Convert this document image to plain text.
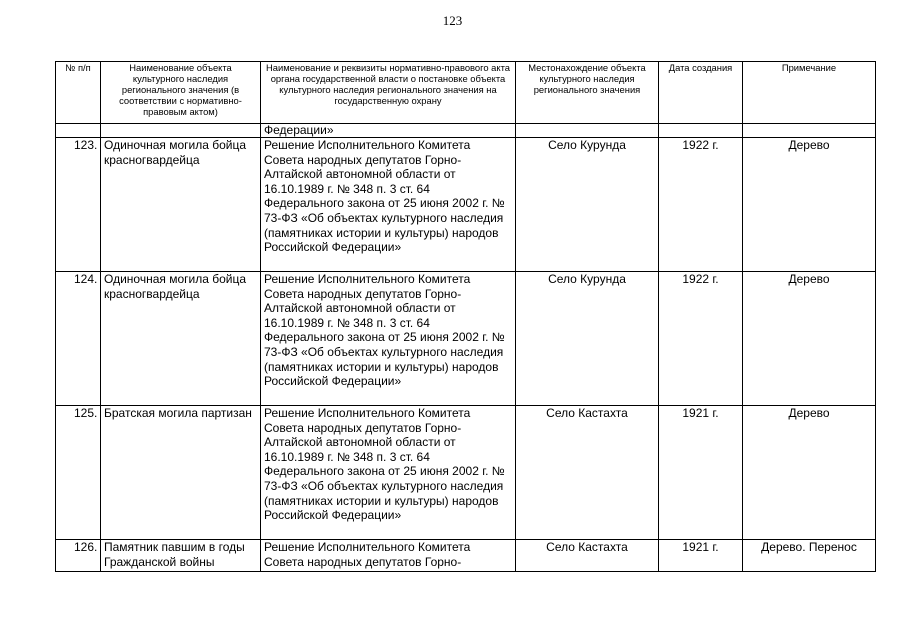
123
№ п/п	Наименование объекта культурного наследия регионального значения (в соответствии с нормативно-правовым актом)	Наименование и реквизиты нормативно-правового акта органа государственной власти о постановке объекта культурного наследия регионального значения на государственную охрану	Местонахождение объекта культурного наследия регионального значения	Дата создания	Примечание
		Федерации»			
123.	Одиночная могила бойца красногвардейца	Решение Исполнительного Комитета Совета народных депутатов Горно-Алтайской автономной области от 16.10.1989 г. № 348 п. 3 ст. 64 Федерального закона от 25 июня 2002 г. № 73-ФЗ «Об объектах культурного наследия (памятниках истории и культуры) народов Российской Федерации»	Село Курунда	1922 г.	Дерево
124.	Одиночная могила бойца красногвардейца	Решение Исполнительного Комитета Совета народных депутатов Горно-Алтайской автономной области от 16.10.1989 г. № 348 п. 3 ст. 64 Федерального закона от 25 июня 2002 г. № 73-ФЗ «Об объектах культурного наследия (памятниках истории и культуры) народов Российской Федерации»	Село Курунда	1922 г.	Дерево
125.	Братская могила партизан	Решение Исполнительного Комитета Совета народных депутатов Горно-Алтайской автономной области от 16.10.1989 г. № 348 п. 3 ст. 64 Федерального закона от 25 июня 2002 г. № 73-ФЗ «Об объектах культурного наследия (памятниках истории и культуры) народов Российской Федерации»	Село Кастахта	1921 г.	Дерево
126.	Памятник павшим в годы Гражданской войны	Решение Исполнительного Комитета Совета народных депутатов Горно-	Село Кастахта	1921 г.	Дерево. Перенос
